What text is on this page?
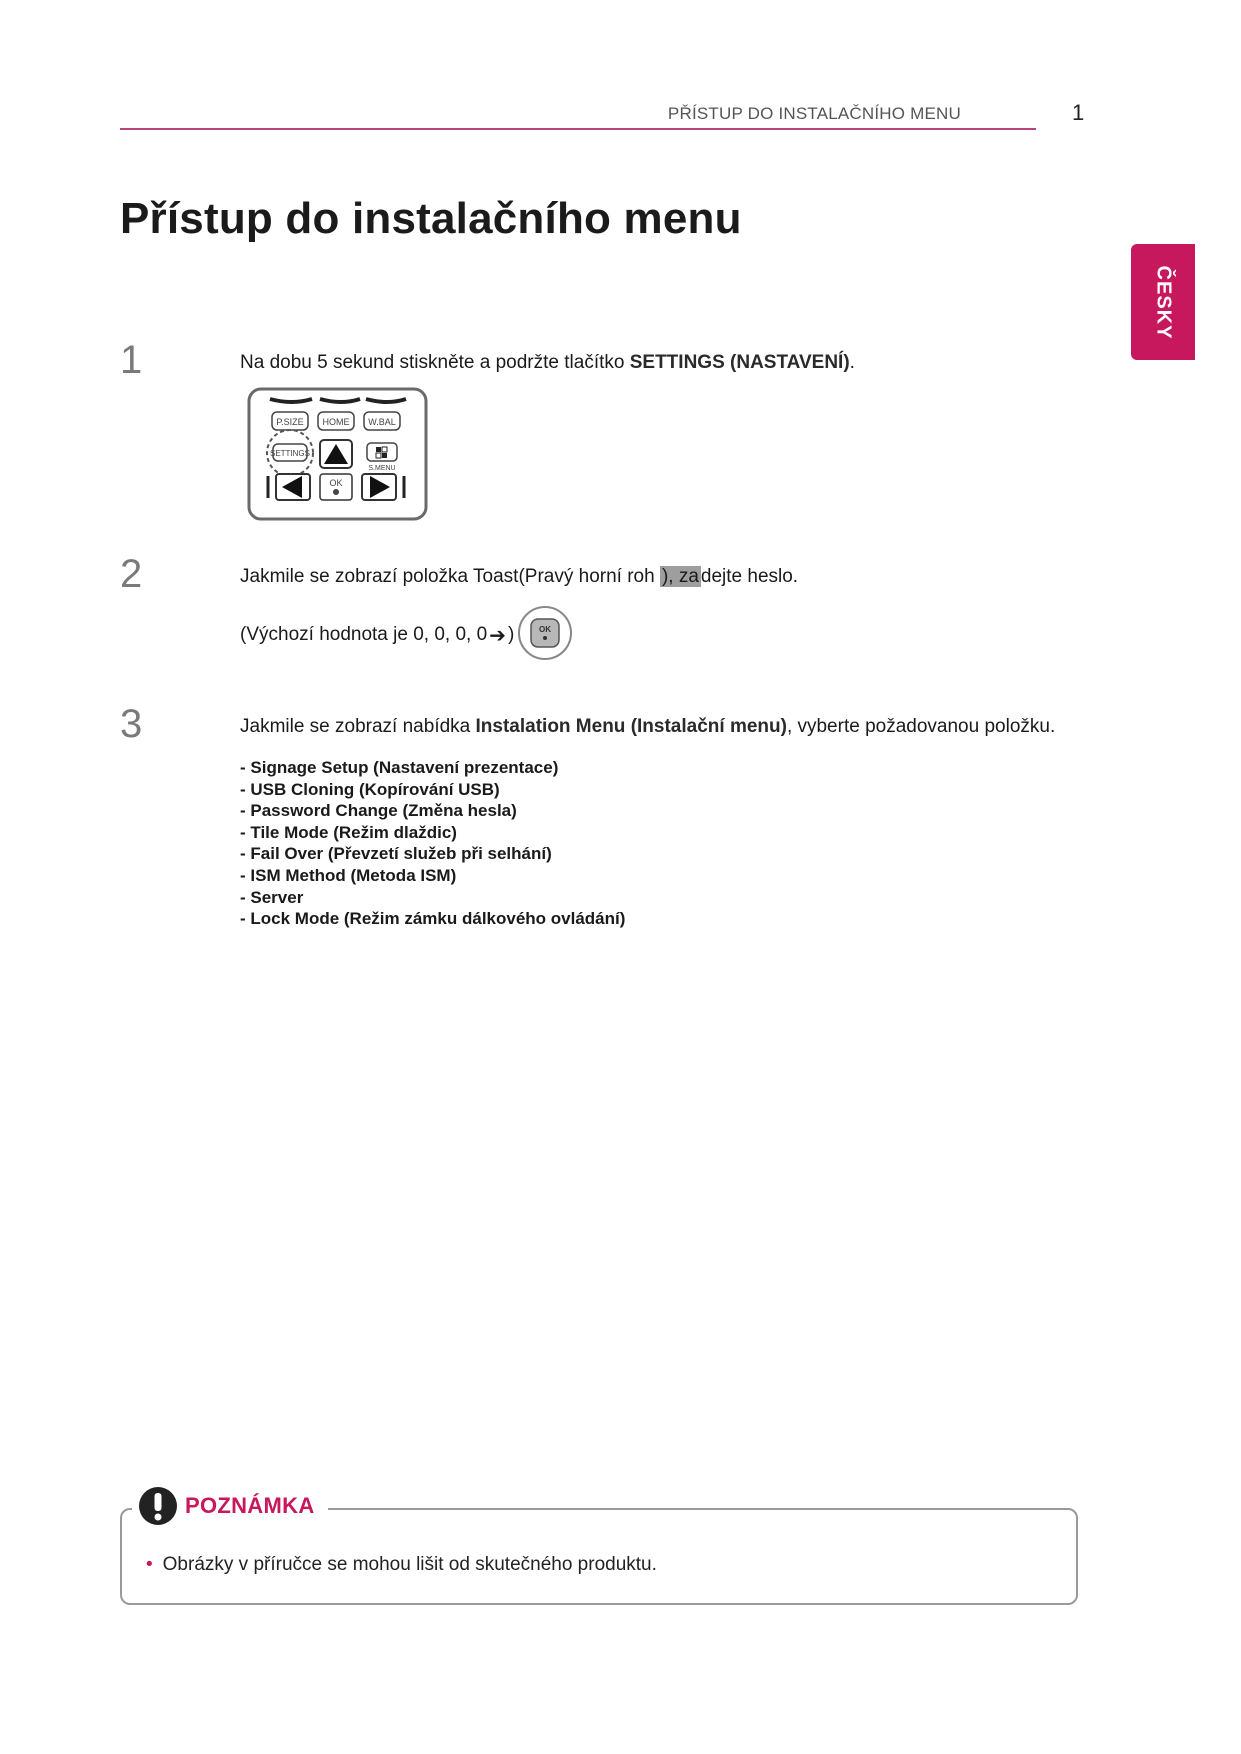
PŘÍSTUP DO INSTALAČNÍHO MENU	1
Přístup do instalačního menu
ČESKY
1	Na dobu 5 sekund stiskněte a podržte tlačítko SETTINGS (NASTAVENÍ).
P.SIZE HOME W.BAL
SETTINGS
S.MENU
OK
2	Jakmile se zobrazí položka Toast(Pravý horní roh ), za dejte heslo.
(Výchozí hodnota je 0, 0, 0, 0 ➔ )	OK
3	Jakmile se zobrazí nabídka Instalation Menu (Instalační menu), vyberte požadovanou položku.
- Signage Setup (Nastavení prezentace)
- USB Cloning (Kopírování USB)
- Password Change (Změna hesla)
- Tile Mode (Režim dlaždic)
- Fail Over (Převzetí služeb při selhání)
- ISM Method (Metoda ISM)
- Server
- Lock Mode (Režim zámku dálkového ovládání)
POZNÁMKA
• Obrázky v příručce se mohou lišit od skutečného produktu.
